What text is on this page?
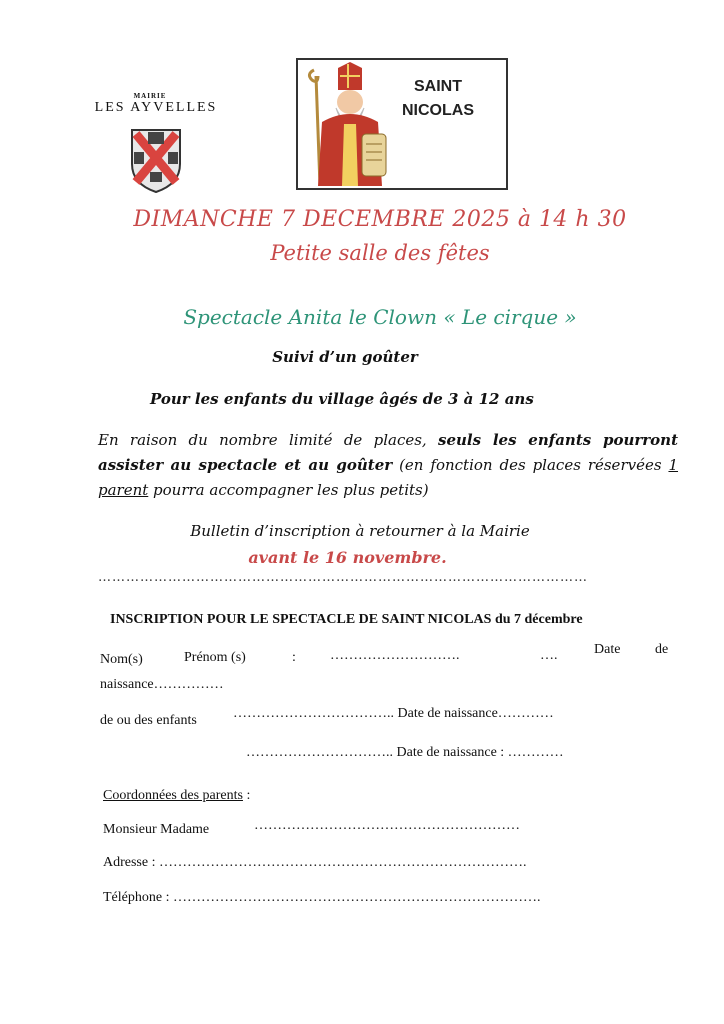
MAIRIE
LES AYVELLES
SAINT
NICOLAS
DIMANCHE 7 DECEMBRE 2025 à 14 h 30
Petite salle des fêtes
Spectacle Anita le Clown « Le cirque »
Suivi d’un goûter
Pour les enfants du village âgés de 3 à 12 ans
En raison du nombre limité de places, seuls les enfants pourront assister au spectacle et au goûter (en fonction des places réservées 1 parent pourra accompagner les plus petits)
Bulletin d’inscription à retourner à la Mairie
avant le 16 novembre.
……………………………………………………………………………………………
INSCRIPTION POUR LE SPECTACLE DE SAINT NICOLAS du 7 décembre
Nom(s)	Prénom (s)	: ……………………….	….	Date de
naissance……………
de ou des enfants	…………………………….. Date de naissance…………
………………………….. Date de naissance : …………
Coordonnées des parents :
Monsieur Madame	…………………………………………………
Adresse : …………………………………………………………………….
Téléphone : …………………………………………………………………….
